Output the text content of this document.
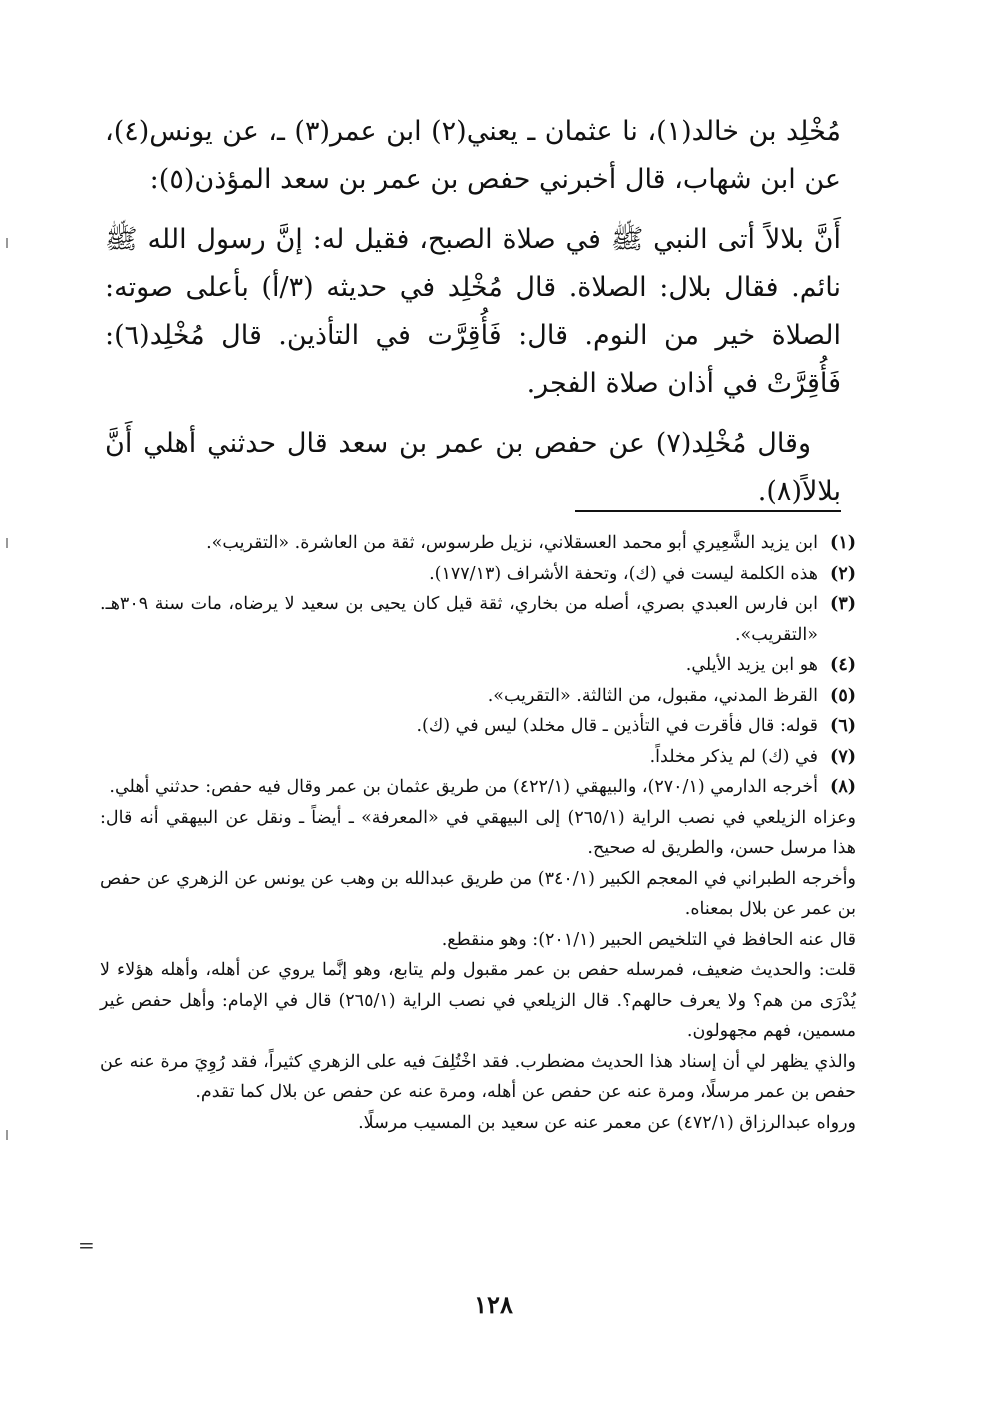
مُخْلِد بن خالد(١)، نا عثمان ـ يعني(٢) ابن عمر(٣) ـ، عن يونس(٤)، عن ابن شهاب، قال أخبرني حفص بن عمر بن سعد المؤذن(٥):

أَنَّ بلالاً أتى النبي ﷺ في صلاة الصبح، فقيل له: إنَّ رسول الله ﷺ نائم. فقال بلال: الصلاة. قال مُخْلِد في حديثه (٣/أ) بأعلى صوته: الصلاة خير من النوم. قال: فَأُقِرَّت في التأذين. قال مُخْلِد(٦): فَأُقِرَّتْ في أذان صلاة الفجر.

وقال مُخْلِد(٧) عن حفص بن عمر بن سعد قال حدثني أهلي أَنَّ بلالاً(٨).

(١)
ابن يزيد الشَّعِيري أبو محمد العسقلاني، نزيل طرسوس، ثقة من العاشرة. «التقريب».
(٢)
هذه الكلمة ليست في (ك)، وتحفة الأشراف (١٧٧/١٣).
(٣)
ابن فارس العبدي بصري، أصله من بخاري، ثقة قيل كان يحيى بن سعيد لا يرضاه، مات سنة ٣٠٩هـ. «التقريب».
(٤)
هو ابن يزيد الأيلي.
(٥)
القرظ المدني، مقبول، من الثالثة. «التقريب».
(٦)
قوله: قال فأقرت في التأذين ـ قال مخلد) ليس في (ك).
(٧)
في (ك) لم يذكر مخلداً.
(٨)
أخرجه الدارمي (٢٧٠/١)، والبيهقي (٤٢٢/١) من طريق عثمان بن عمر وقال فيه حفص: حدثني أهلي.
وعزاه الزيلعي في نصب الراية (٢٦٥/١) إلى البيهقي في «المعرفة» ـ أيضاً ـ ونقل عن البيهقي أنه قال: هذا مرسل حسن، والطريق له صحيح.
وأخرجه الطبراني في المعجم الكبير (٣٤٠/١) من طريق عبدالله بن وهب عن يونس عن الزهري عن حفص بن عمر عن بلال بمعناه.
قال عنه الحافظ في التلخيص الحبير (٢٠١/١): وهو منقطع.
قلت: والحديث ضعيف، فمرسله حفص بن عمر مقبول ولم يتابع، وهو إنَّما يروي عن أهله، وأهله هؤلاء لا يُدْرَى من هم؟ ولا يعرف حالهم؟. قال الزيلعي في نصب الراية (٢٦٥/١) قال في الإمام: وأهل حفص غير مسمين، فهم مجهولون.
والذي يظهر لي أن إسناد هذا الحديث مضطرب. فقد اخْتُلِفَ فيه على الزهري كثيراً، فقد رُوِيَ مرة عنه عن حفص بن عمر مرسلًا، ومرة عنه عن حفص عن أهله، ومرة عنه عن حفص عن بلال كما تقدم.
ورواه عبدالرزاق (٤٧٢/١) عن معمر عنه عن سعيد بن المسيب مرسلًا.
=
١٢٨
